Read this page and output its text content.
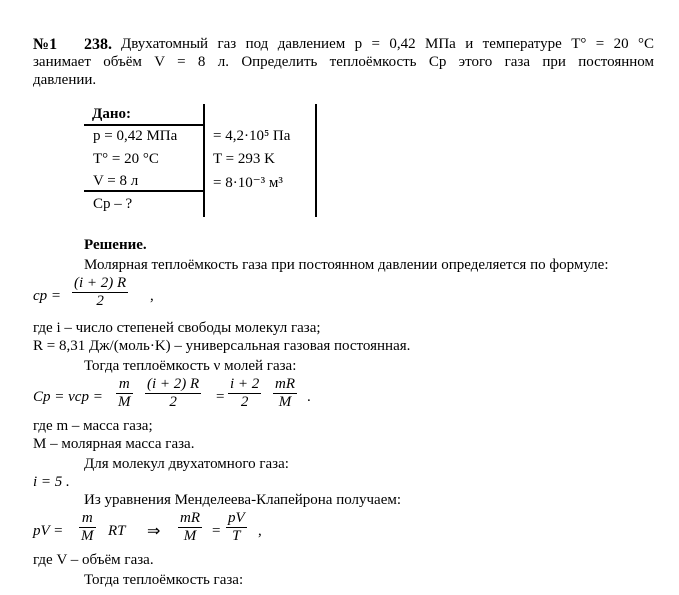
№1 238. Двухатомный газ под давлением p = 0,42 МПа и температуре T° = 20 °C
занимает объём V = 8 л. Определить теплоёмкость Cp этого газа при постоянном
давлении.
Дано:
p = 0,42 МПа
T° = 20 °C
V = 8 л
Cp – ?
= 4,2·10⁵ Па
T = 293 K
= 8·10⁻³ м³
Решение.
Молярная теплоёмкость газа при постоянном давлении определяется по формуле:
cp =
(i + 2) R
2	,
где i – число степеней свободы молекул газа;
R = 8,31 Дж/(моль·K) – универсальная газовая постоянная.
Тогда теплоёмкость ν молей газа:
Cp = νcp =
m
M
(i + 2) R
2	=
i + 2
2
mR
M .
где m – масса газа;
M – молярная масса газа.
Для молекул двухатомного газа:
i = 5 .
Из уравнения Менделеева-Клапейрона получаем:
pV =
m
M RT ⇒
mR
M =
pV
T ,
где V – объём газа.
Тогда теплоёмкость газа:
